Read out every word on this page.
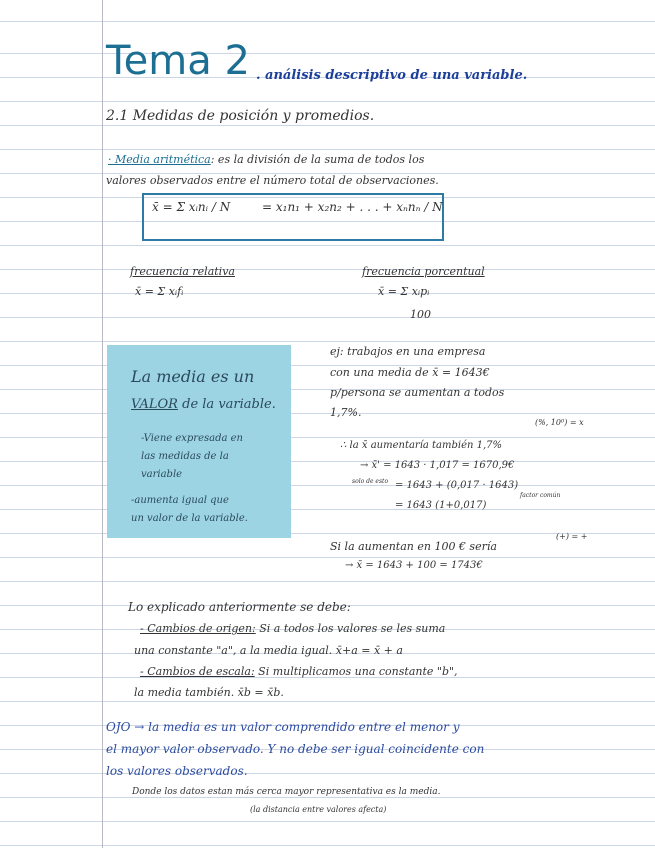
Tema 2 . análisis descriptivo de una variable.
2.1 Medidas de posición y promedios.
· Media aritmética: es la división de la suma de todos los
valores observados entre el número total de observaciones.
x̄ = Σ xᵢnᵢ / N	= x₁n₁ + x₂n₂ + . . . + xₙnₙ / N
frecuencia relativa
x̄ = Σ xᵢfᵢ
frecuencia porcentual
x̄ = Σ xᵢpᵢ
100
La media es un
VALOR de la variable.
-Viene expresada en
las medidas de la
variable
-aumenta igual que
un valor de la variable.
ej: trabajos en una empresa
con una media de x̄ = 1643€
p/persona se aumentan a todos
1,7%.
(%, 10⁰) = x
∴ la x̄ aumentaría también 1,7%
→ x̄' = 1643 · 1,017 = 1670,9€
solo de esto = 1643 + (0,017 · 1643)
= 1643 (1+0,017)
factor común
(+) = +
Si la aumentan en 100 € sería
→ x̄ = 1643 + 100 = 1743€
Lo explicado anteriormente se debe:
- Cambios de origen: Si a todos los valores se les suma
una constante "a", a la media igual. x̄+a = x̄ + a
- Cambios de escala: Si multiplicamos una constante "b",
la media también. x̄b = x̄b.
OJO → la media es un valor comprendido entre el menor y
el mayor valor observado. Y no debe ser igual coincidente con
los valores observados.
Donde los datos estan más cerca mayor representativa es la media.
(la distancia entre valores afecta)
